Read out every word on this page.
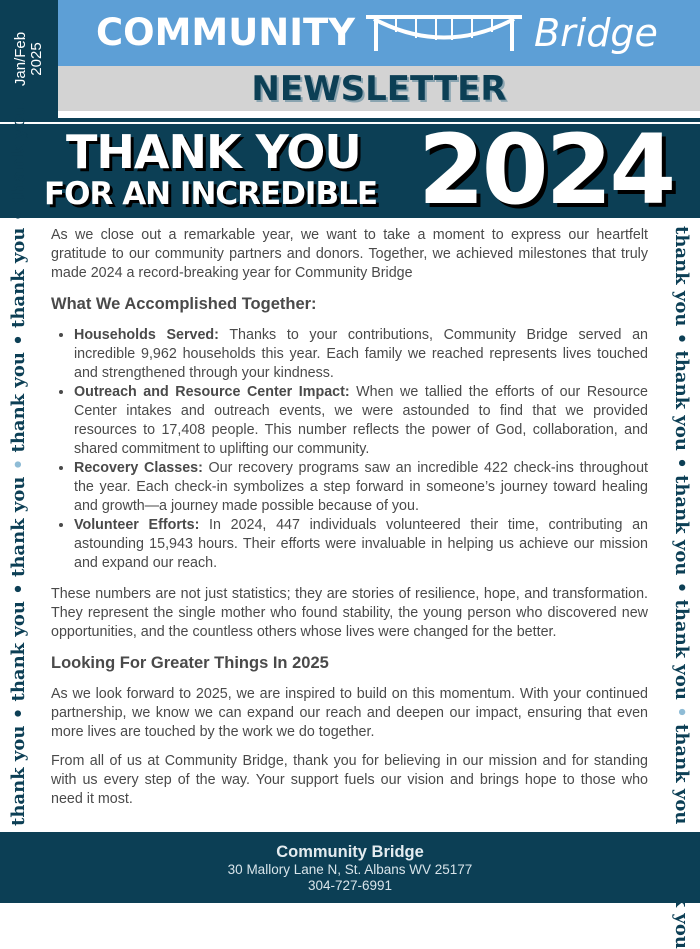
Jan/Feb 2025
COMMUNITY	Bridge
NEWSLETTER
THANK YOU
FOR AN INCREDIBLE 2024
thank you • thank you • thank you • thank you • thank you • thank you
thank you • thank you • thank you • thank you • thank you

As we close out a remarkable year, we want to take a moment to express our heartfelt gratitude to our community partners and donors. Together, we achieved milestones that truly made 2024 a record-breaking year for Community Bridge

What We Accomplished Together:
• Households Served: Thanks to your contributions, Community Bridge served an incredible 9,962 households this year. Each family we reached represents lives touched and strengthened through your kindness.
• Outreach and Resource Center Impact: When we tallied the efforts of our Resource Center intakes and outreach events, we were astounded to find that we provided resources to 17,408 people. This number reflects the power of God, collaboration, and shared commitment to uplifting our community.
• Recovery Classes: Our recovery programs saw an incredible 422 check-ins throughout the year. Each check-in symbolizes a step forward in someone’s journey toward healing and growth—a journey made possible because of you.
• Volunteer Efforts: In 2024, 447 individuals volunteered their time, contributing an astounding 15,943 hours. Their efforts were invaluable in helping us achieve our mission and expand our reach.

These numbers are not just statistics; they are stories of resilience, hope, and transformation. They represent the single mother who found stability, the young person who discovered new opportunities, and the countless others whose lives were changed for the better.

Looking For Greater Things In 2025

As we look forward to 2025, we are inspired to build on this momentum. With your continued partnership, we know we can expand our reach and deepen our impact, ensuring that even more lives are touched by the work we do together.

From all of us at Community Bridge, thank you for believing in our mission and for standing with us every step of the way. Your support fuels our vision and brings hope to those who need it most.

Community Bridge
30 Mallory Lane N, St. Albans WV 25177
304-727-6991
